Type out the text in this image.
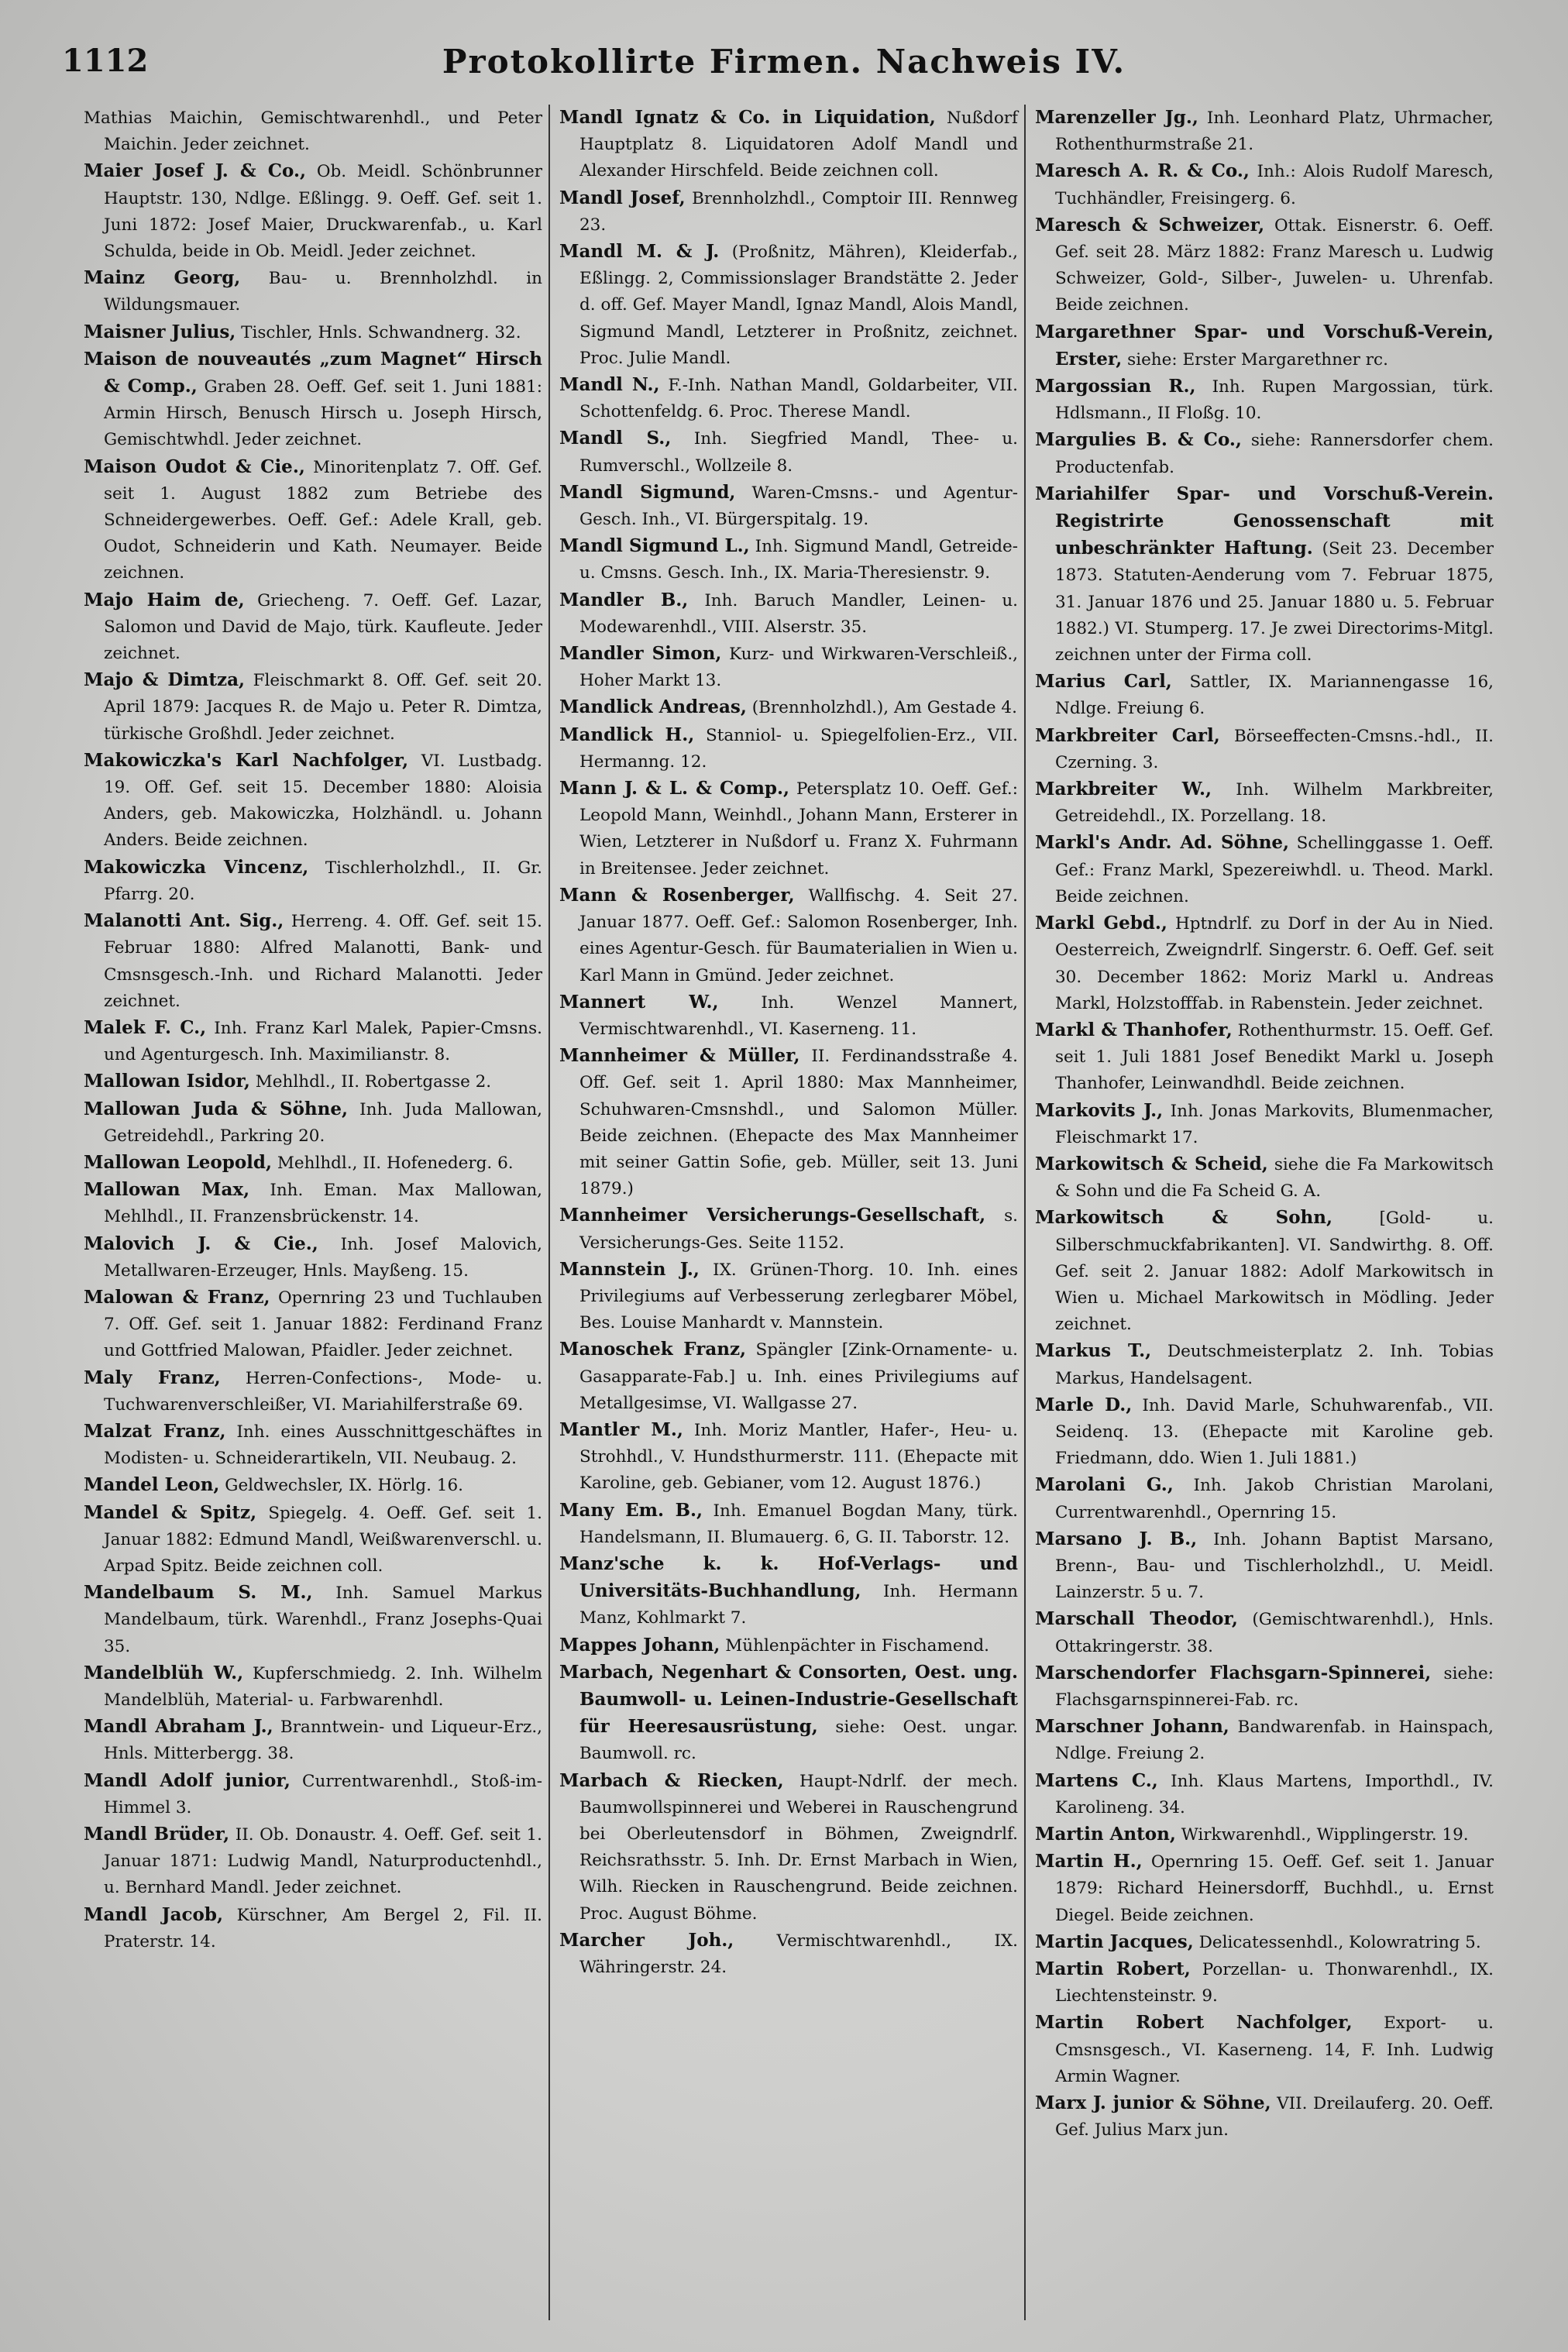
1112	Protokollirte Firmen. Nachweis IV.
Mathias Maichin, Gemischtwarenhdl., und Peter Maichin. Jeder zeichnet.
Maier Josef J. & Co., Ob. Meidl. Schönbrunner Hauptstr. 130, Ndlge. Eßlingg. 9. Oeff. Gef. seit 1. Juni 1872: Josef Maier, Druckwarenfab., u. Karl Schulda, beide in Ob. Meidl. Jeder zeichnet.
Mainz Georg, Bau- u. Brennholzhdl. in Wildungsmauer.
Maisner Julius, Tischler, Hnls. Schwandnerg. 32.
Maison de nouveautés „zum Magnet“ Hirsch & Comp., Graben 28. Oeff. Gef. seit 1. Juni 1881: Armin Hirsch, Benusch Hirsch u. Joseph Hirsch, Gemischtwhdl. Jeder zeichnet.
Maison Oudot & Cie., Minoritenplatz 7. Off. Gef. seit 1. August 1882 zum Betriebe des Schneidergewerbes. Oeff. Gef.: Adele Krall, geb. Oudot, Schneiderin und Kath. Neumayer. Beide zeichnen.
Majo Haim de, Griecheng. 7. Oeff. Gef. Lazar, Salomon und David de Majo, türk. Kaufleute. Jeder zeichnet.
Majo & Dimtza, Fleischmarkt 8. Off. Gef. seit 20. April 1879: Jacques R. de Majo u. Peter R. Dimtza, türkische Großhdl. Jeder zeichnet.
Makowiczka's Karl Nachfolger, VI. Lustbadg. 19. Off. Gef. seit 15. December 1880: Aloisia Anders, geb. Makowiczka, Holzhändl. u. Johann Anders. Beide zeichnen.
Makowiczka Vincenz, Tischlerholzhdl., II. Gr. Pfarrg. 20.
Malanotti Ant. Sig., Herreng. 4. Off. Gef. seit 15. Februar 1880: Alfred Malanotti, Bank- und Cmsnsgesch.-Inh. und Richard Malanotti. Jeder zeichnet.
Malek F. C., Inh. Franz Karl Malek, Papier-Cmsns. und Agenturgesch. Inh. Maximilianstr. 8.
Mallowan Isidor, Mehlhdl., II. Robertgasse 2.
Mallowan Juda & Söhne, Inh. Juda Mallowan, Getreidehdl., Parkring 20.
Mallowan Leopold, Mehlhdl., II. Hofenederg. 6.
Mallowan Max, Inh. Eman. Max Mallowan, Mehlhdl., II. Franzensbrückenstr. 14.
Malovich J. & Cie., Inh. Josef Malovich, Metallwaren-Erzeuger, Hnls. Mayßeng. 15.
Malowan & Franz, Opernring 23 und Tuchlauben 7. Off. Gef. seit 1. Januar 1882: Ferdinand Franz und Gottfried Malowan, Pfaidler. Jeder zeichnet.
Maly Franz, Herren-Confections-, Mode- u. Tuchwarenverschleißer, VI. Mariahilferstraße 69.
Malzat Franz, Inh. eines Ausschnittgeschäftes in Modisten- u. Schneiderartikeln, VII. Neubaug. 2.
Mandel Leon, Geldwechsler, IX. Hörlg. 16.
Mandel & Spitz, Spiegelg. 4. Oeff. Gef. seit 1. Januar 1882: Edmund Mandl, Weißwarenverschl. u. Arpad Spitz. Beide zeichnen coll.
Mandelbaum S. M., Inh. Samuel Markus Mandelbaum, türk. Warenhdl., Franz Josephs-Quai 35.
Mandelblüh W., Kupferschmiedg. 2. Inh. Wilhelm Mandelblüh, Material- u. Farbwarenhdl.
Mandl Abraham J., Branntwein- und Liqueur-Erz., Hnls. Mitterbergg. 38.
Mandl Adolf junior, Currentwarenhdl., Stoß-im-Himmel 3.
Mandl Brüder, II. Ob. Donaustr. 4. Oeff. Gef. seit 1. Januar 1871: Ludwig Mandl, Naturproductenhdl., u. Bernhard Mandl. Jeder zeichnet.
Mandl Jacob, Kürschner, Am Bergel 2, Fil. II. Praterstr. 14.
Mandl Ignatz & Co. in Liquidation, Nußdorf Hauptplatz 8. Liquidatoren Adolf Mandl und Alexander Hirschfeld. Beide zeichnen coll.
Mandl Josef, Brennholzhdl., Comptoir III. Rennweg 23.
Mandl M. & J. (Proßnitz, Mähren), Kleiderfab., Eßlingg. 2, Commissionslager Brandstätte 2. Jeder d. off. Gef. Mayer Mandl, Ignaz Mandl, Alois Mandl, Sigmund Mandl, Letzterer in Proßnitz, zeichnet. Proc. Julie Mandl.
Mandl N., F.-Inh. Nathan Mandl, Goldarbeiter, VII. Schottenfeldg. 6. Proc. Therese Mandl.
Mandl S., Inh. Siegfried Mandl, Thee- u. Rumverschl., Wollzeile 8.
Mandl Sigmund, Waren-Cmsns.- und Agentur-Gesch. Inh., VI. Bürgerspitalg. 19.
Mandl Sigmund L., Inh. Sigmund Mandl, Getreide- u. Cmsns. Gesch. Inh., IX. Maria-Theresienstr. 9.
Mandler B., Inh. Baruch Mandler, Leinen- u. Modewarenhdl., VIII. Alserstr. 35.
Mandler Simon, Kurz- und Wirkwaren-Verschleiß., Hoher Markt 13.
Mandlick Andreas, (Brennholzhdl.), Am Gestade 4.
Mandlick H., Stanniol- u. Spiegelfolien-Erz., VII. Hermanng. 12.
Mann J. & L. & Comp., Petersplatz 10. Oeff. Gef.: Leopold Mann, Weinhdl., Johann Mann, Ersterer in Wien, Letzterer in Nußdorf u. Franz X. Fuhrmann in Breitensee. Jeder zeichnet.
Mann & Rosenberger, Wallfischg. 4. Seit 27. Januar 1877. Oeff. Gef.: Salomon Rosenberger, Inh. eines Agentur-Gesch. für Baumaterialien in Wien u. Karl Mann in Gmünd. Jeder zeichnet.
Mannert W.,	Inh. Wenzel Mannert, Vermischtwarenhdl., VI. Kaserneng. 11.
Mannheimer & Müller, II. Ferdinandsstraße 4. Off. Gef. seit 1. April 1880: Max Mannheimer, Schuhwaren-Cmsnshdl., und Salomon Müller. Beide zeichnen. (Ehepacte des Max Mannheimer mit seiner Gattin Sofie, geb. Müller, seit 13. Juni 1879.)
Mannheimer Versicherungs-Gesellschaft, s. Versicherungs-Ges. Seite 1152.
Mannstein J., IX. Grünen-Thorg. 10. Inh. eines Privilegiums auf Verbesserung zerlegbarer Möbel, Bes. Louise Manhardt v. Mannstein.
Manoschek Franz, Spängler [Zink-Ornamente- u. Gasapparate-Fab.] u. Inh. eines Privilegiums auf Metallgesimse, VI. Wallgasse 27.
Mantler M., Inh. Moriz Mantler, Hafer-, Heu- u. Strohhdl., V. Hundsthurmerstr. 111. (Ehepacte mit Karoline, geb. Gebianer, vom 12. August 1876.)
Many Em. B., Inh. Emanuel Bogdan Many, türk. Handelsmann, II. Blumauerg. 6, G. II. Taborstr. 12.
Manz'sche k. k. Hof-Verlags- und Universitäts-Buchhandlung, Inh. Hermann Manz, Kohlmarkt 7.
Mappes Johann, Mühlenpächter in Fischamend.
Marbach, Negenhart & Consorten, Oest. ung. Baumwoll- u. Leinen-Industrie-Gesellschaft für Heeresausrüstung, siehe: Oest. ungar. Baumwoll. rc.
Marbach & Riecken, Haupt-Ndrlf. der mech. Baumwollspinnerei und Weberei in Rauschengrund bei Oberleutensdorf in Böhmen, Zweigndrlf. Reichsrathsstr. 5. Inh. Dr. Ernst Marbach in Wien, Wilh. Riecken in Rauschengrund. Beide zeichnen. Proc. August Böhme.
Marcher Joh.,	Vermischtwarenhdl., IX. Währingerstr. 24.
Marenzeller Jg., Inh. Leonhard Platz, Uhrmacher, Rothenthurmstraße 21.
Maresch A. R. & Co., Inh.: Alois Rudolf Maresch, Tuchhändler, Freisingerg. 6.
Maresch & Schweizer, Ottak. Eisnerstr. 6. Oeff. Gef. seit 28. März 1882: Franz Maresch u. Ludwig Schweizer, Gold-, Silber-, Juwelen- u. Uhrenfab. Beide zeichnen.
Margarethner Spar- und Vorschuß-Verein, Erster, siehe: Erster Margarethner rc.
Margossian R., Inh. Rupen Margossian, türk. Hdlsmann., II Floßg. 10.
Margulies B. & Co., siehe: Rannersdorfer chem. Productenfab.
Mariahilfer Spar- und Vorschuß-Verein. Registrirte Genossenschaft mit unbeschränkter Haftung. (Seit 23. December 1873. Statuten-Aenderung vom 7. Februar 1875, 31. Januar 1876 und 25. Januar 1880 u. 5. Februar 1882.) VI. Stumperg. 17. Je zwei Directorims-Mitgl. zeichnen unter der Firma coll.
Marius Carl, Sattler, IX. Mariannengasse 16, Ndlge. Freiung 6.
Markbreiter Carl, Börseeffecten-Cmsns.-hdl., II. Czerning. 3.
Markbreiter W., Inh. Wilhelm Markbreiter, Getreidehdl., IX. Porzellang. 18.
Markl's Andr. Ad. Söhne, Schellinggasse 1. Oeff. Gef.: Franz Markl, Spezereiwhdl. u. Theod. Markl. Beide zeichnen.
Markl Gebd., Hptndrlf. zu Dorf in der Au in Nied. Oesterreich, Zweigndrlf. Singerstr. 6. Oeff. Gef. seit 30. December 1862: Moriz Markl u. Andreas Markl, Holzstofffab. in Rabenstein. Jeder zeichnet.
Markl & Thanhofer, Rothenthurmstr. 15. Oeff. Gef. seit 1. Juli 1881 Josef Benedikt Markl u. Joseph Thanhofer, Leinwandhdl. Beide zeichnen.
Markovits J., Inh. Jonas Markovits, Blumenmacher, Fleischmarkt 17.
Markowitsch & Scheid, siehe die Fa Markowitsch & Sohn und die Fa Scheid G. A.
Markowitsch & Sohn,	[Gold- u. Silberschmuckfabrikanten]. VI. Sandwirthg. 8. Off. Gef. seit 2. Januar 1882: Adolf Markowitsch in Wien u. Michael Markowitsch in Mödling. Jeder zeichnet.
Markus T., Deutschmeisterplatz 2. Inh. Tobias Markus, Handelsagent.
Marle D., Inh. David Marle, Schuhwarenfab., VII. Seidenq. 13. (Ehepacte mit Karoline geb. Friedmann, ddo. Wien 1. Juli 1881.)
Marolani G., Inh. Jakob Christian Marolani, Currentwarenhdl., Opernring 15.
Marsano J. B., Inh. Johann Baptist Marsano, Brenn-, Bau- und Tischlerholzhdl., U. Meidl. Lainzerstr. 5 u. 7.
Marschall Theodor, (Gemischtwarenhdl.), Hnls. Ottakringerstr. 38.
Marschendorfer Flachsgarn-Spinnerei, siehe: Flachsgarnspinnerei-Fab. rc.
Marschner Johann, Bandwarenfab. in Hainspach, Ndlge. Freiung 2.
Martens C., Inh. Klaus Martens, Importhdl., IV. Karolineng. 34.
Martin Anton, Wirkwarenhdl., Wipplingerstr. 19.
Martin H., Opernring 15. Oeff. Gef. seit 1. Januar 1879: Richard Heinersdorff, Buchhdl., u. Ernst Diegel. Beide zeichnen.
Martin Jacques, Delicatessenhdl., Kolowratring 5.
Martin Robert, Porzellan- u. Thonwarenhdl., IX. Liechtensteinstr. 9.
Martin Robert Nachfolger, Export- u. Cmsnsgesch., VI. Kaserneng. 14, F. Inh. Ludwig Armin Wagner.
Marx J. junior & Söhne, VII. Dreilauferg. 20. Oeff. Gef. Julius Marx jun.
